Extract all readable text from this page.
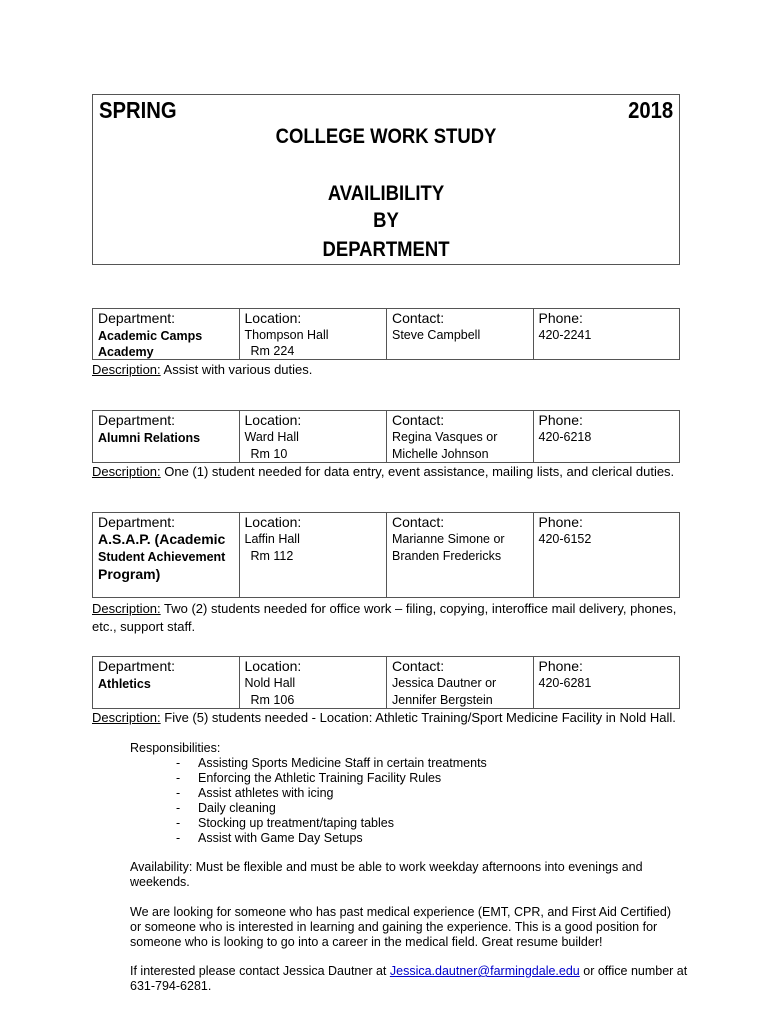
SPRING	2018
COLLEGE WORK STUDY
AVAILIBILITY
BY
DEPARTMENT
Department:
Academic Camps
Academy
Location:
Thompson Hall
Rm 224
Contact:
Steve Campbell
Phone:
420-2241
Description: Assist with various duties.
Department:
Alumni Relations
Location:
Ward Hall
Rm 10
Contact:
Regina Vasques or
Michelle Johnson
Phone:
420-6218
Description: One (1) student needed for data entry, event assistance, mailing lists, and clerical duties.
Department:
A.S.A.P. (Academic
Student Achievement
Program)
Location:
Laffin Hall
Rm 112
Contact:
Marianne Simone or
Branden Fredericks
Phone:
420-6152
Description: Two (2) students needed for office work – filing, copying, interoffice mail delivery, phones, etc., support staff.
Department:
Athletics
Location:
Nold Hall
Rm 106
Contact:
Jessica Dautner or
Jennifer Bergstein
Phone:
420-6281
Description: Five (5) students needed - Location: Athletic Training/Sport Medicine Facility in Nold Hall.
Responsibilities:
- Assisting Sports Medicine Staff in certain treatments
- Enforcing the Athletic Training Facility Rules
- Assist athletes with icing
- Daily cleaning
- Stocking up treatment/taping tables
- Assist with Game Day Setups
Availability: Must be flexible and must be able to work weekday afternoons into evenings and weekends.
We are looking for someone who has past medical experience (EMT, CPR, and First Aid Certified) or someone who is interested in learning and gaining the experience. This is a good position for someone who is looking to go into a career in the medical field. Great resume builder!
If interested please contact Jessica Dautner at Jessica.dautner@farmingdale.edu or office number at 631-794-6281.
